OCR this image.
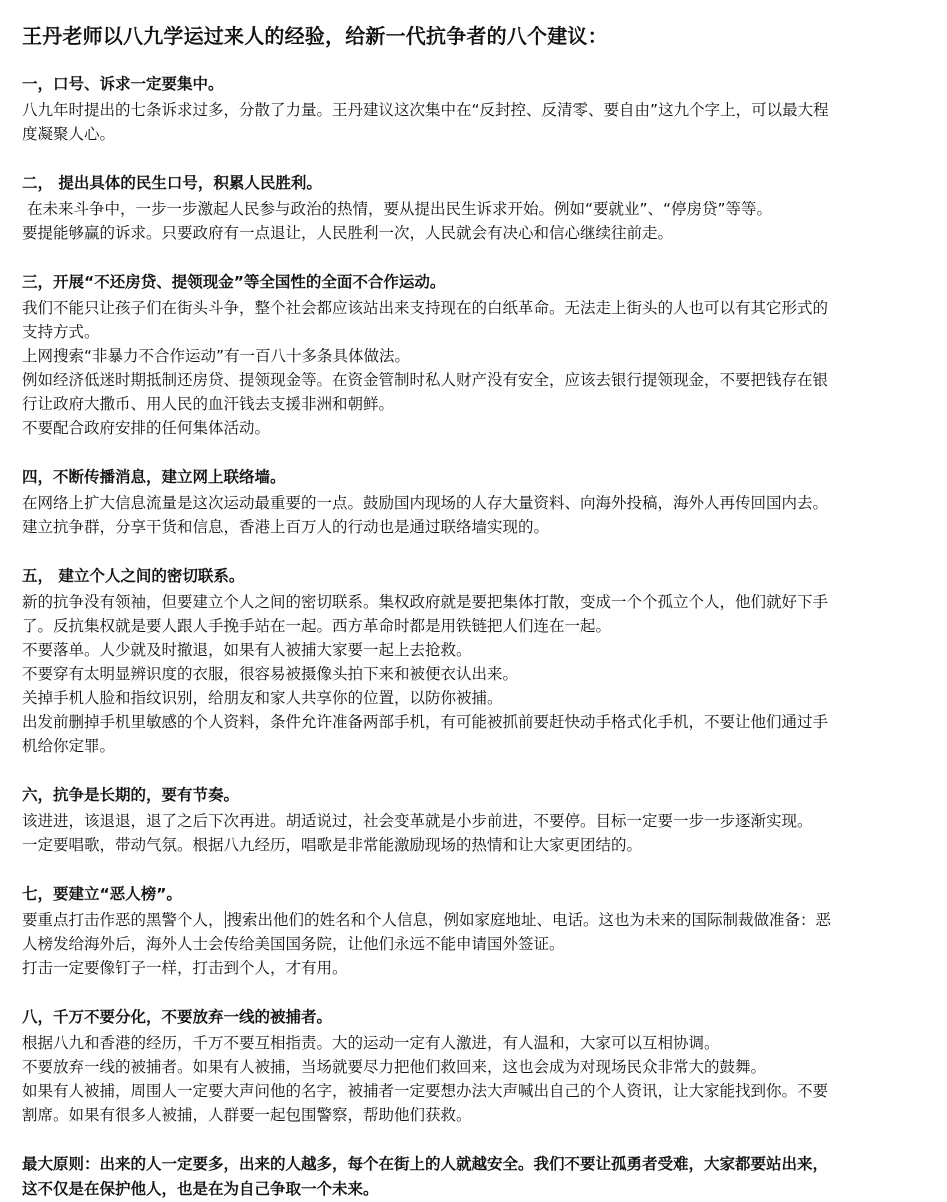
王丹老师以八九学运过来人的经验，给新一代抗争者的八个建议：
一，口号、诉求一定要集中。
八九年时提出的七条诉求过多，分散了力量。王丹建议这次集中在“反封控、反清零、要自由”这九个字上，可以最大程
度凝聚人心。
二， 提出具体的民生口号，积累人民胜利。
在未来斗争中，一步一步激起人民参与政治的热情，要从提出民生诉求开始。例如“要就业”、“停房贷”等等。
要提能够赢的诉求。只要政府有一点退让，人民胜利一次，人民就会有决心和信心继续往前走。
三，开展“不还房贷、提领现金”等全国性的全面不合作运动。
我们不能只让孩子们在街头斗争，整个社会都应该站出来支持现在的白纸革命。无法走上街头的人也可以有其它形式的
支持方式。
上网搜索“非暴力不合作运动”有一百八十多条具体做法。
例如经济低迷时期抵制还房贷、提领现金等。在资金管制时私人财产没有安全，应该去银行提领现金，不要把钱存在银
行让政府大撒币、用人民的血汗钱去支援非洲和朝鲜。
不要配合政府安排的任何集体活动。
四，不断传播消息，建立网上联络墙。
在网络上扩大信息流量是这次运动最重要的一点。鼓励国内现场的人存大量资料、向海外投稿，海外人再传回国内去。
建立抗争群，分享干货和信息，香港上百万人的行动也是通过联络墙实现的。
五， 建立个人之间的密切联系。
新的抗争没有领袖，但要建立个人之间的密切联系。集权政府就是要把集体打散，变成一个个孤立个人，他们就好下手
了。反抗集权就是要人跟人手挽手站在一起。西方革命时都是用铁链把人们连在一起。
不要落单。人少就及时撤退，如果有人被捕大家要一起上去抢救。
不要穿有太明显辨识度的衣服，很容易被摄像头拍下来和被便衣认出来。
关掉手机人脸和指纹识别，给朋友和家人共享你的位置，以防你被捕。
出发前删掉手机里敏感的个人资料，条件允许准备两部手机，有可能被抓前要赶快动手格式化手机，不要让他们通过手
机给你定罪。
六，抗争是长期的，要有节奏。
该进进，该退退，退了之后下次再进。胡适说过，社会变革就是小步前进，不要停。目标一定要一步一步逐渐实现。
一定要唱歌，带动气氛。根据八九经历，唱歌是非常能激励现场的热情和让大家更团结的。
七，要建立“恶人榜”。
要重点打击作恶的黑警个人， 搜索出他们的姓名和个人信息，例如家庭地址、电话。这也为未来的国际制裁做准备：恶
人榜发给海外后，海外人士会传给美国国务院，让他们永远不能申请国外签证。
打击一定要像钉子一样，打击到个人，才有用。
八，千万不要分化，不要放弃一线的被捕者。
根据八九和香港的经历，千万不要互相指责。大的运动一定有人激进，有人温和，大家可以互相协调。
不要放弃一线的被捕者。如果有人被捕，当场就要尽力把他们救回来，这也会成为对现场民众非常大的鼓舞。
如果有人被捕，周围人一定要大声问他的名字，被捕者一定要想办法大声喊出自己的个人资讯，让大家能找到你。不要
割席。如果有很多人被捕，人群要一起包围警察，帮助他们获救。
最大原则：出来的人一定要多，出来的人越多，每个在街上的人就越安全。我们不要让孤勇者受难，大家都要站出来，
这不仅是在保护他人，也是在为自己争取一个未来。
